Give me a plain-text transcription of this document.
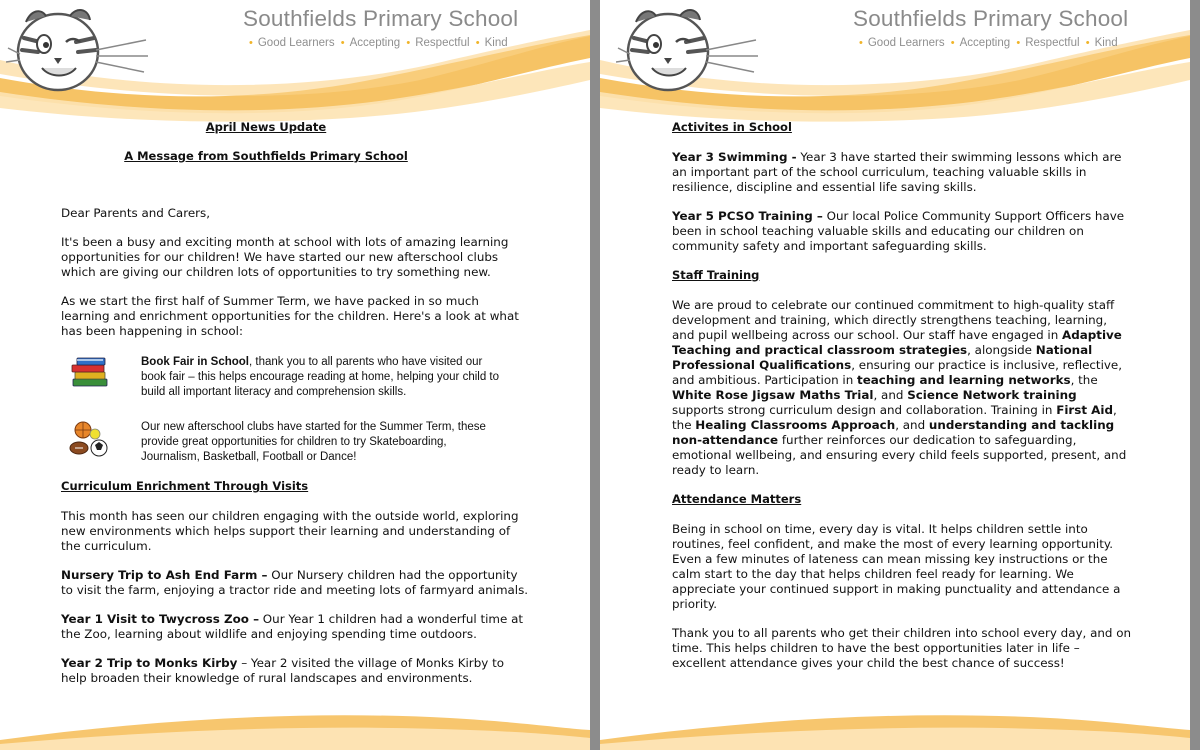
Southfields Primary School
• Good Learners • Accepting • Respectful • Kind
April News Update
A Message from Southfields Primary School

Dear Parents and Carers,

It's been a busy and exciting month at school with lots of amazing learning opportunities for our children! We have started our new afterschool clubs which are giving our children lots of opportunities to try something new.

As we start the first half of Summer Term, we have packed in so much learning and enrichment opportunities for the children. Here's a look at what has been happening in school:

Book Fair in School, thank you to all parents who have visited our book fair – this helps encourage reading at home, helping your child to build all important literacy and comprehension skills.
Our new afterschool clubs have started for the Summer Term, these provide great opportunities for children to try Skateboarding, Journalism, Basketball, Football or Dance!
Curriculum Enrichment Through Visits

This month has seen our children engaging with the outside world, exploring new environments which helps support their learning and understanding of the curriculum.

Nursery Trip to Ash End Farm – Our Nursery children had the opportunity to visit the farm, enjoying a tractor ride and meeting lots of farmyard animals.

Year 1 Visit to Twycross Zoo – Our Year 1 children had a wonderful time at the Zoo, learning about wildlife and enjoying spending time outdoors.

Year 2 Trip to Monks Kirby – Year 2 visited the village of Monks Kirby to help broaden their knowledge of rural landscapes and environments.

Southfields Primary School
• Good Learners • Accepting • Respectful • Kind
Activites in School

Year 3 Swimming - Year 3 have started their swimming lessons which are an important part of the school curriculum, teaching valuable skills in resilience, discipline and essential life saving skills.

Year 5 PCSO Training – Our local Police Community Support Officers have been in school teaching valuable skills and educating our children on community safety and important safeguarding skills.

Staff Training

We are proud to celebrate our continued commitment to high-quality staff development and training, which directly strengthens teaching, learning, and pupil wellbeing across our school. Our staff have engaged in Adaptive Teaching and practical classroom strategies, alongside National Professional Qualifications, ensuring our practice is inclusive, reflective, and ambitious. Participation in teaching and learning networks, the White Rose Jigsaw Maths Trial, and Science Network training supports strong curriculum design and collaboration. Training in First Aid, the Healing Classrooms Approach, and understanding and tackling non-attendance further reinforces our dedication to safeguarding, emotional wellbeing, and ensuring every child feels supported, present, and ready to learn.

Attendance Matters

Being in school on time, every day is vital. It helps children settle into routines, feel confident, and make the most of every learning opportunity. Even a few minutes of lateness can mean missing key instructions or the calm start to the day that helps children feel ready for learning. We appreciate your continued support in making punctuality and attendance a priority.

Thank you to all parents who get their children into school every day, and on time. This helps children to have the best opportunities later in life – excellent attendance gives your child the best chance of success!
